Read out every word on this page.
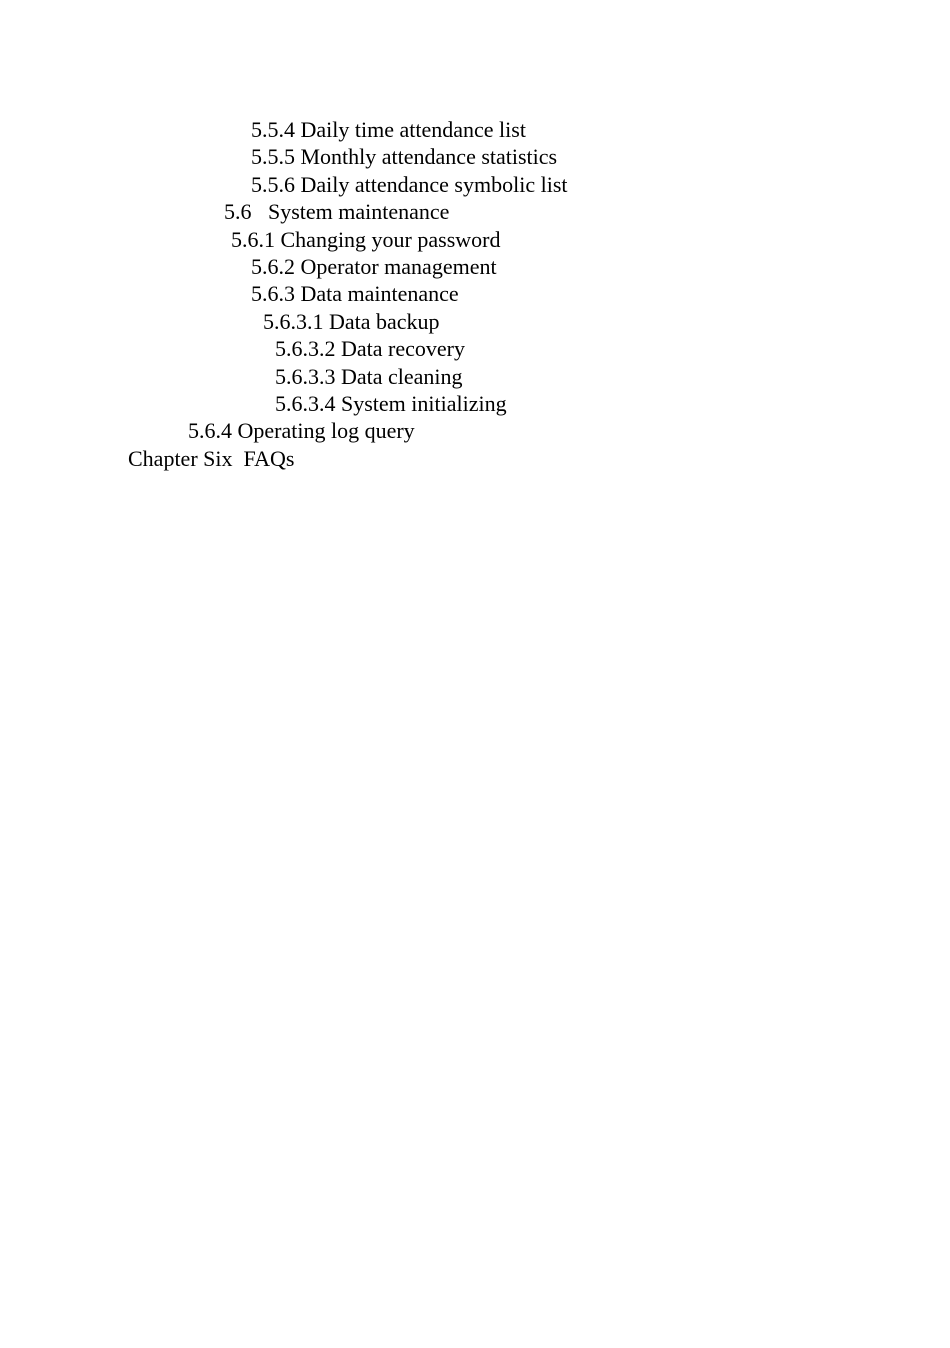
5.5.4 Daily time attendance list
5.5.5 Monthly attendance statistics
5.5.6 Daily attendance symbolic list
5.6   System maintenance
5.6.1 Changing your password
5.6.2 Operator management
5.6.3 Data maintenance
5.6.3.1 Data backup
5.6.3.2 Data recovery
5.6.3.3 Data cleaning
5.6.3.4 System initializing
5.6.4 Operating log query
Chapter Six  FAQs
